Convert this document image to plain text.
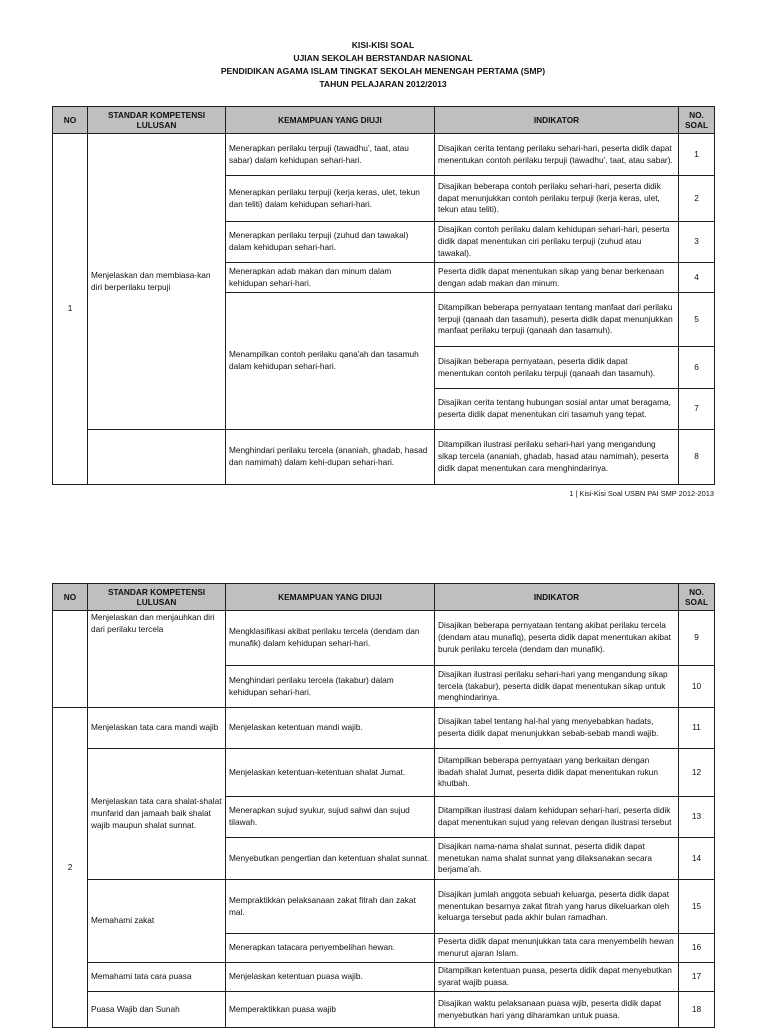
KISI-KISI SOAL
UJIAN SEKOLAH BERSTANDAR NASIONAL
PENDIDIKAN AGAMA ISLAM TINGKAT SEKOLAH MENENGAH PERTAMA (SMP)
TAHUN PELAJARAN 2012/2013
NO	STANDAR KOMPETENSI LULUSAN	KEMAMPUAN YANG DIUJI	INDIKATOR	NO. SOAL
1	Menjelaskan dan membiasa-kan diri berperilaku terpuji	Menerapkan perilaku terpuji (tawadhu’, taat, atau sabar) dalam kehidupan sehari-hari.	Disajikan cerita tentang perilaku sehari-hari, peserta didik dapat menentukan contoh perilaku terpuji (tawadhu’, taat, atau sabar).	1
		Menerapkan perilaku terpuji (kerja keras, ulet, tekun dan teliti) dalam kehidupan sehari-hari.	Disajikan beberapa contoh perilaku sehari-hari, peserta didik dapat menunjukkan contoh perilaku terpuji (kerja keras, ulet, tekun atau teliti).	2
		Menerapkan perilaku terpuji (zuhud dan tawakal) dalam kehidupan sehari-hari.	Disajikan contoh perilaku dalam kehidupan sehari-hari, peserta didik dapat menentukan ciri perilaku terpuji (zuhud atau tawakal).	3
		Menerapkan adab makan dan minum dalam kehidupan sehari-hari.	Peserta didik dapat menentukan sikap yang benar berkenaan dengan adab makan dan minum.	4
		Menampilkan contoh perilaku qana'ah dan tasamuh dalam kehidupan sehari-hari.	Ditampilkan beberapa pernyataan tentang manfaat dari perilaku terpuji (qanaah dan tasamuh), peserta didik dapat menunjukkan manfaat perilaku terpuji (qanaah dan tasamuh).	5
			Disajikan beberapa pernyataan, peserta didik dapat menentukan contoh perilaku terpuji (qanaah dan tasamuh).	6
			Disajikan cerita tentang hubungan sosial antar umat beragama, peserta didik dapat menentukan ciri tasamuh yang tepat.	7
		Menghindari perilaku tercela (ananiah, ghadab, hasad dan namimah) dalam kehi-dupan sehari-hari.	Ditampilkan ilustrasi perilaku sehari-hari yang mengandung sikap tercela (ananiah, ghadab, hasad atau namimah), peserta didik dapat menentukan cara menghindarinya.	8
1 | Kisi-Kisi Soal USBN PAI SMP 2012-2013
NO	STANDAR KOMPETENSI LULUSAN	KEMAMPUAN YANG DIUJI	INDIKATOR	NO. SOAL
	Menjelaskan dan menjauhkan diri dari perilaku tercela	Mengklasifikasi akibat perilaku tercela (dendam dan munafik) dalam kehidupan sehari-hari.	Disajikan beberapa pernyataan tentang akibat perilaku tercela (dendam atau munafiq), peserta didik dapat menentukan akibat buruk perilaku tercela (dendam dan munafik).	9
		Menghindari perilaku tercela (takabur) dalam kehidupan sehari-hari.	Disajikan ilustrasi perilaku sehari-hari yang mengandung sikap tercela (takabur), peserta didik dapat menentukan sikap untuk menghindarinya.	10
2	Menjelaskan tata cara mandi wajib	Menjelaskan ketentuan mandi wajib.	Disajikan tabel tentang hal-hal yang menyebabkan hadats, peserta didik dapat menunjukkan sebab-sebab mandi wajib.	11
	Menjelaskan tata cara shalat-shalat munfarid dan jamaah baik shalat wajib maupun shalat sunnat.	Menjelaskan ketentuan-ketentuan shalat Jumat.	Ditampilkan beberapa pernyataan yang berkaitan dengan ibadah shalat Jumat, peserta didik dapat menentukan rukun khutbah.	12
		Menerapkan sujud syukur, sujud sahwi dan sujud tilawah.	Ditampilkan ilustrasi dalam kehidupan sehari-hari, peserta didik dapat menentukan sujud yang relevan dengan ilustrasi tersebut	13
		Menyebutkan pengertian dan ketentuan shalat sunnat.	Disajikan nama-nama shalat sunnat, peserta didik dapat menetukan nama shalat sunnat yang dilaksanakan secara berjama’ah.	14
	Memahami zakat	Mempraktikkan pelaksanaan zakat fitrah dan zakat mal.	Disajikan jumlah anggota sebuah keluarga, peserta didik dapat menentukan besarnya zakat fitrah yang harus dikeluarkan oleh keluarga tersebut pada akhir bulan ramadhan.	15
		Menerapkan tatacara penyembelihan hewan.	Peserta didik dapat menunjukkan tata cara menyembelih hewan menurut ajaran Islam.	16
	Memahami tata cara puasa	Menjelaskan ketentuan puasa wajib.	Ditampilkan ketentuan puasa, peserta didik dapat menyebutkan syarat wajib puasa.	17
	Puasa Wajib dan Sunah	Memperaktikkan puasa wajib	Disajikan waktu pelaksanaan puasa wjib, peserta didik dapat menyebutkan hari yang diharamkan untuk puasa.	18
